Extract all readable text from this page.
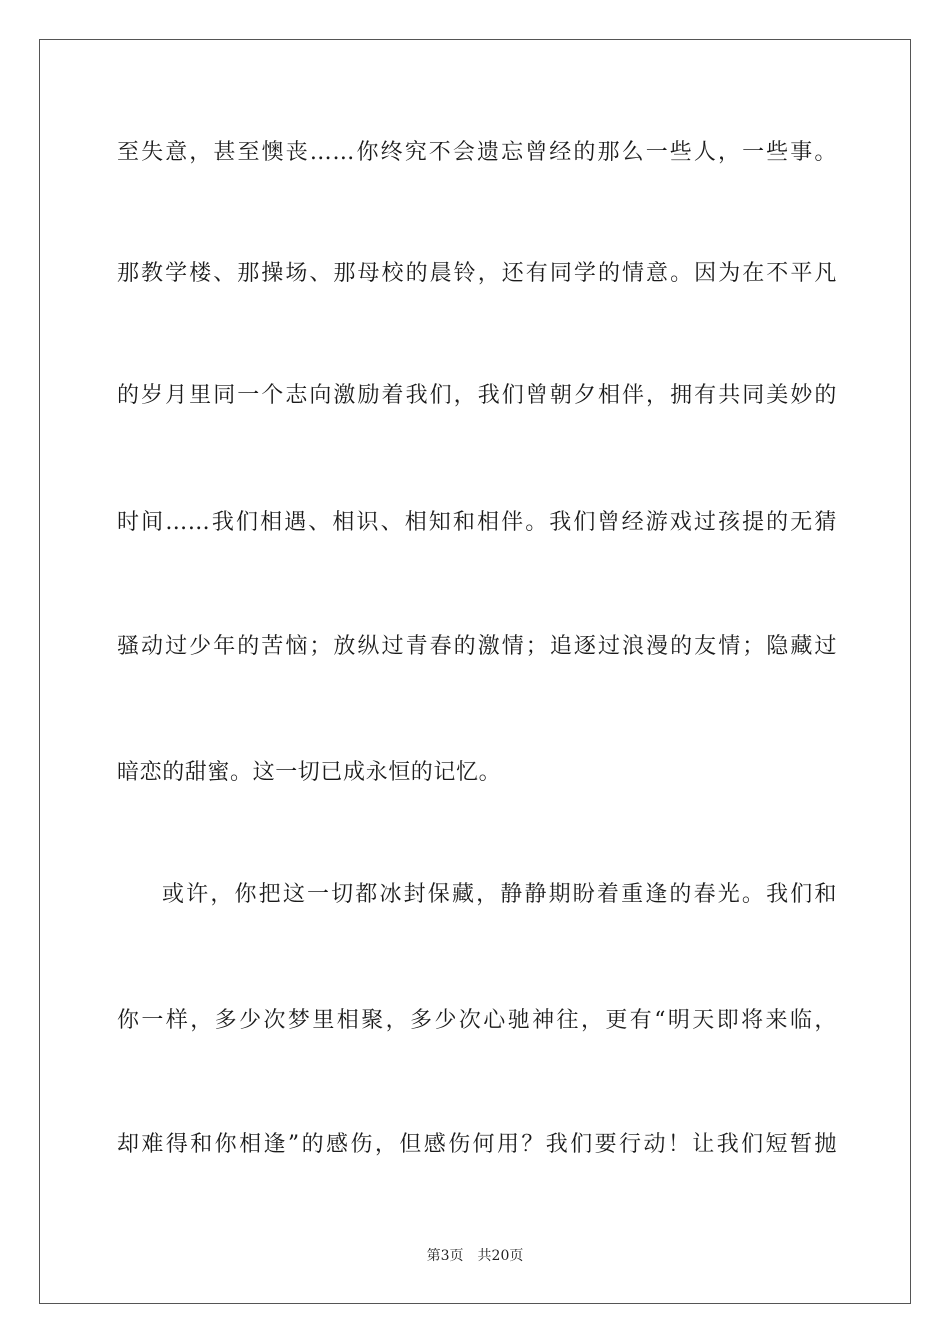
至失意，甚至懊丧……你终究不会遗忘曾经的那么一些人，一些事。
那教学楼、那操场、那母校的晨铃，还有同学的情意。因为在不平凡
的岁月里同一个志向激励着我们，我们曾朝夕相伴，拥有共同美妙的
时间……我们相遇、相识、相知和相伴。我们曾经游戏过孩提的无猜
骚动过少年的苦恼；放纵过青春的激情；追逐过浪漫的友情；隐藏过
暗恋的甜蜜。这一切已成永恒的记忆。
或许，你把这一切都冰封保藏，静静期盼着重逢的春光。我们和
你一样，多少次梦里相聚，多少次心驰神往，更有“明天即将来临，
却难得和你相逢”的感伤，但感伤何用？我们要行动！让我们短暂抛
第3页 共20页
